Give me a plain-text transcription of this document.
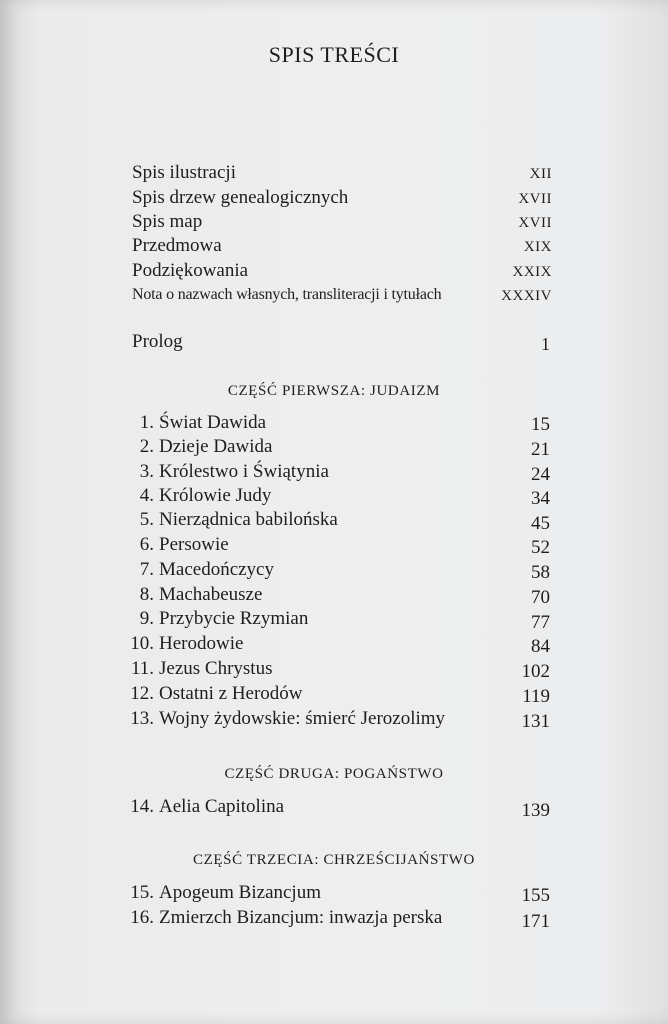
SPIS TREŚCI
Spis ilustracji	XII
Spis drzew genealogicznych	XVII
Spis map	XVII
Przedmowa	XIX
Podziękowania	XXIX
Nota o nazwach własnych, transliteracji i tytułach	XXXIV
Prolog	1
CZĘŚĆ PIERWSZA: JUDAIZM
1. Świat Dawida	15
2. Dzieje Dawida	21
3. Królestwo i Świątynia	24
4. Królowie Judy	34
5. Nierządnica babilońska	45
6. Persowie	52
7. Macedończycy	58
8. Machabeusze	70
9. Przybycie Rzymian	77
10. Herodowie	84
11. Jezus Chrystus	102
12. Ostatni z Herodów	119
13. Wojny żydowskie: śmierć Jerozolimy	131
CZĘŚĆ DRUGA: POGAŃSTWO
14. Aelia Capitolina	139
CZĘŚĆ TRZECIA: CHRZEŚCIJAŃSTWO
15. Apogeum Bizancjum	155
16. Zmierzch Bizancjum: inwazja perska	171
